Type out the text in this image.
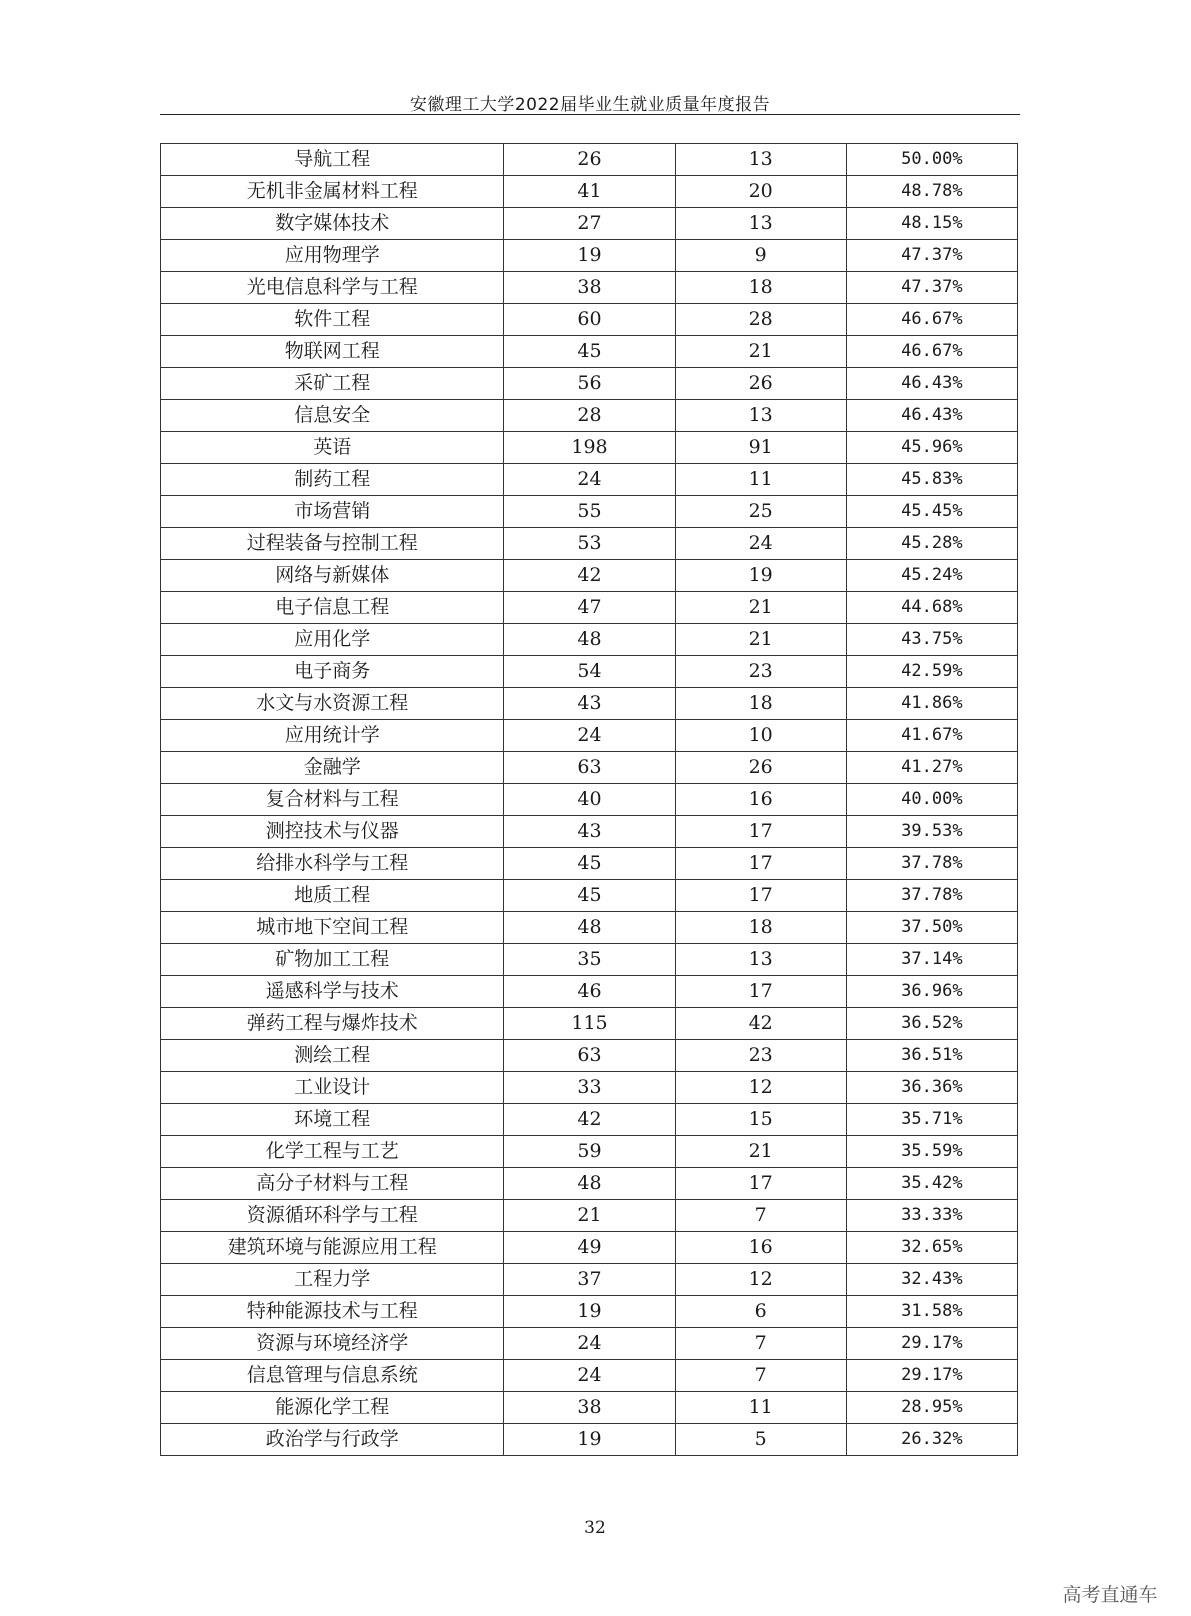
安徽理工大学2022届毕业生就业质量年度报告
导航工程	26	13	50.00%
无机非金属材料工程	41	20	48.78%
数字媒体技术	27	13	48.15%
应用物理学	19	9	47.37%
光电信息科学与工程	38	18	47.37%
软件工程	60	28	46.67%
物联网工程	45	21	46.67%
采矿工程	56	26	46.43%
信息安全	28	13	46.43%
英语	198	91	45.96%
制药工程	24	11	45.83%
市场营销	55	25	45.45%
过程装备与控制工程	53	24	45.28%
网络与新媒体	42	19	45.24%
电子信息工程	47	21	44.68%
应用化学	48	21	43.75%
电子商务	54	23	42.59%
水文与水资源工程	43	18	41.86%
应用统计学	24	10	41.67%
金融学	63	26	41.27%
复合材料与工程	40	16	40.00%
测控技术与仪器	43	17	39.53%
给排水科学与工程	45	17	37.78%
地质工程	45	17	37.78%
城市地下空间工程	48	18	37.50%
矿物加工工程	35	13	37.14%
遥感科学与技术	46	17	36.96%
弹药工程与爆炸技术	115	42	36.52%
测绘工程	63	23	36.51%
工业设计	33	12	36.36%
环境工程	42	15	35.71%
化学工程与工艺	59	21	35.59%
高分子材料与工程	48	17	35.42%
资源循环科学与工程	21	7	33.33%
建筑环境与能源应用工程	49	16	32.65%
工程力学	37	12	32.43%
特种能源技术与工程	19	6	31.58%
资源与环境经济学	24	7	29.17%
信息管理与信息系统	24	7	29.17%
能源化学工程	38	11	28.95%
政治学与行政学	19	5	26.32%
32
高考直通车
